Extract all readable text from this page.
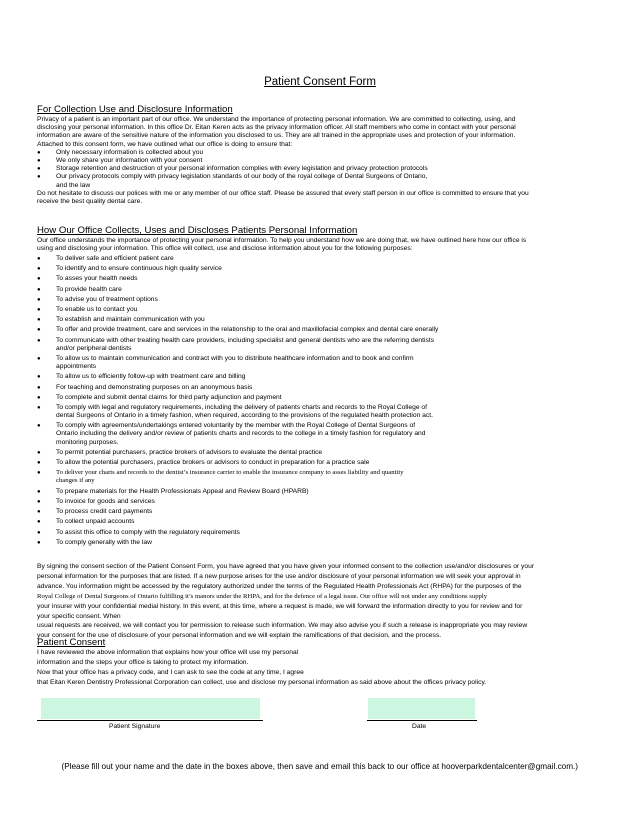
Patient Consent Form
For Collection Use and Disclosure Information
Privacy of a patient is an important part of our office. We understand the importance of protecting personal information. We are committed to collecting, using, and
disclosing your personal information. In this office Dr. Eitan Keren acts as the privacy information officer. All staff members who come in contact with your personal
information are aware of the sensitive nature of the information you disclosed to us. They are all trained in the appropriate uses and protection of your information.
Attached to this consent form, we have outlined what our office is doing to ensure that:
● Only necessary information is collected about you
● We only share your information with your consent
● Storage retention and destruction of your personal information complies with every legislation and privacy protection protocols
● Our privacy protocols comply with privacy legislation standards of our body of the royal college of Dental Surgeons of Ontario,
and the law
Do not hesitate to discuss our polices with me or any member of our office staff. Please be assured that every staff person in our office is committed to ensure that you
receive the best quality dental care.
How Our Office Collects, Uses and Discloses Patients Personal Information
Our office understands the importance of protecting your personal information. To help you understand how we are doing that, we have outlined here how our office is
using and disclosing your information. This office will collect, use and disclose information about you for the following purposes:
● To deliver safe and efficient patient care
● To identify and to ensure continuous high quality service
● To asses your health needs
● To provide health care
● To advise you of treatment options
● To enable us to contact you
● To establish and maintain communication with you
● To offer and provide treatment, care and services in the relationship to the oral and maxillofacial complex and dental care enerally
● To communicate with other treating health care providers, including specialist and general dentists who are the referring dentists
and/or peripheral dentists
● To allow us to maintain communication and contract with you to distribute healthcare information and to book and confirm
appointments
● To allow us to efficiently follow-up with treatment care and billing
● For teaching and demonstrating purposes on an anonymous basis
● To complete and submit dental claims for third party adjunction and payment
● To comply with legal and regulatory requirements, including the delivery of patients charts and records to the Royal College of
dental Surgeons of Ontario in a timely fashion, when required, according to the provisions of the regulated health protection act.
● To comply with agreements/undertakings entered voluntarily by the member with the Royal College of Dental Surgeons of
Ontario including the delivery and/or review of patients charts and records to the college in a timely fashion for regulatory and
monitoring purposes.
● To permit potential purchasers, practice brokers of advisors to evaluate the dental practice
● To allow the potential purchasers, practice brokers or advisors to conduct in preparation for a practice sale
● To deliver your charts and records to the dentist’s insurance carrier to enable the insurance company to asses liability and quantity
changes if any
● To prepare materials for the Health Professionals Appeal and Review Board (HPARB)
● To invoice for goods and services
● To process credit card payments
● To collect unpaid accounts
● To assist this office to comply with the regulatory requirements
● To comply generally with the law
By signing the consent section of the Patient Consent Form, you have agreed that you have given your informed consent to the collection use/and/or disclosures or your
personal information for the purposes that are listed. If a new purpose arises for the use and/or disclosure of your personal information we will seek your approval in
advance. You information might be accessed by the regulatory authorized under the terms of the Regulated Health Professionals Act (RHPA) for the purposes of the
Royal College of Dental Surgeons of Ontario fulfilling it’s manors under the RHPA, and for the defence of a legal issue. Our office will not under any conditions supply
your insurer with your confidential medial history. In this event, at this time, where a request is made, we will forward the information directly to you for review and for
your specific consent. When
usual requests are received, we will contact you for permission to release such information. We may also advise you if such a release is inappropriate you may review
your consent for the use of disclosure of your personal information and we will explain the ramifications of that decision, and the process.
Patient Consent
I have reviewed the above information that explains how your office will use my personal
information and the steps your office is taking to protect my information.
Now that your office has a privacy code, and I can ask to see the code at any time, I agree
that Eitan Keren Dentistry Professional Corporation can collect, use and disclose my personal information as said above about the offices privacy policy.
Patient Signature	Date
(Please fill out your name and the date in the boxes above, then save and email this back to our office at hooverparkdentalcenter@gmail.com.)
